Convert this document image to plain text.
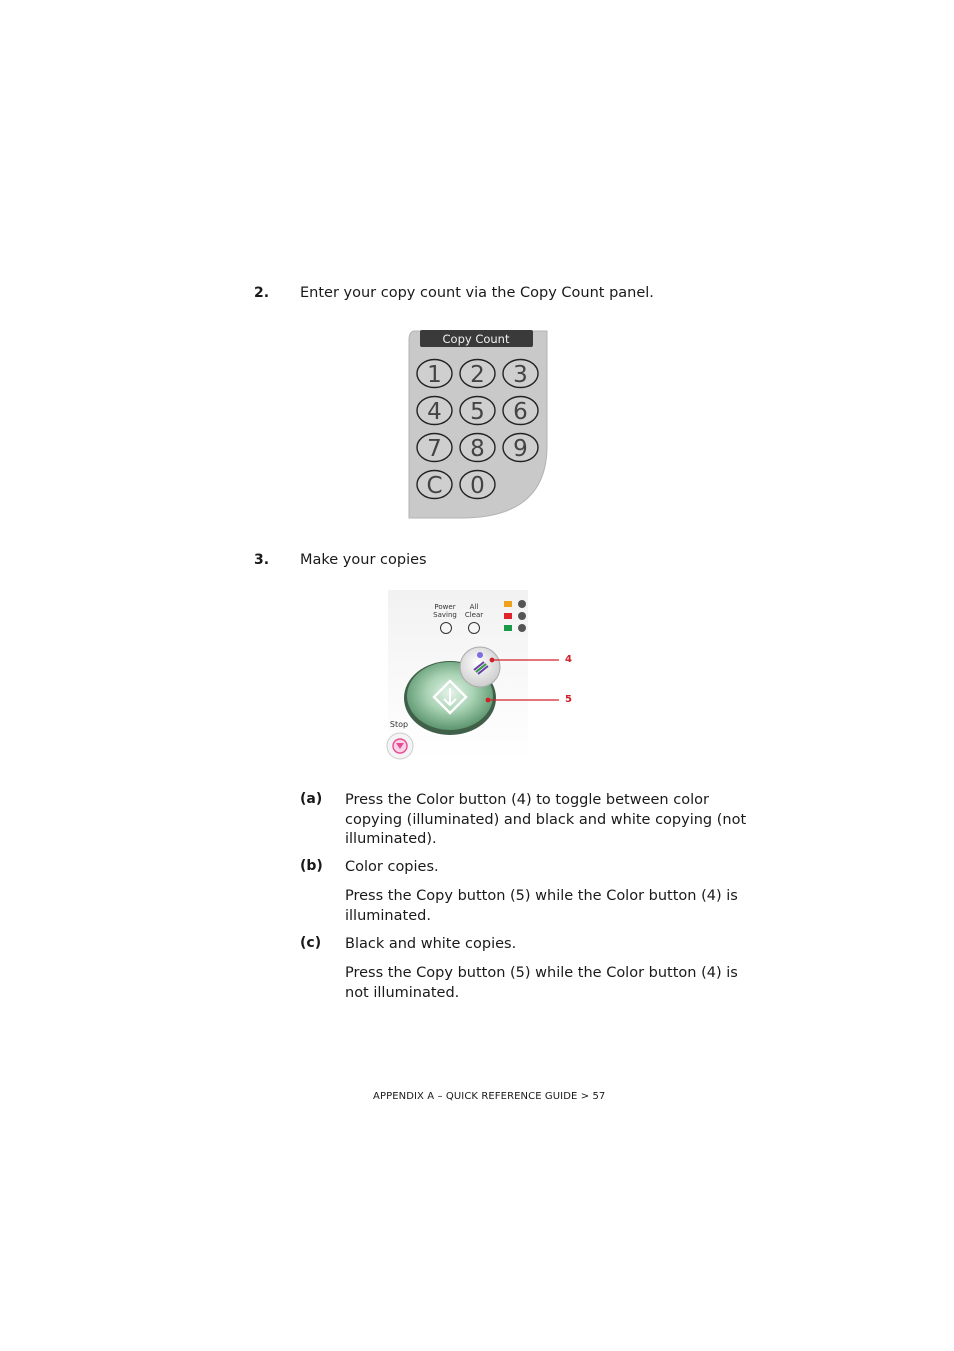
2. Enter your copy count via the Copy Count panel.
Copy Count
1 2 3
4 5 6
7 8 9
C 0
3. Make your copies
Power
Saving
All
Clear
4
5
Stop
(a) Press the Color button (4) to toggle between color
copying (illuminated) and black and white copying (not
illuminated).
(b) Color copies.
Press the Copy button (5) while the Color button (4) is
illuminated.
(c) Black and white copies.
Press the Copy button (5) while the Color button (4) is
not illuminated.
APPENDIX A – QUICK REFERENCE GUIDE > 57
